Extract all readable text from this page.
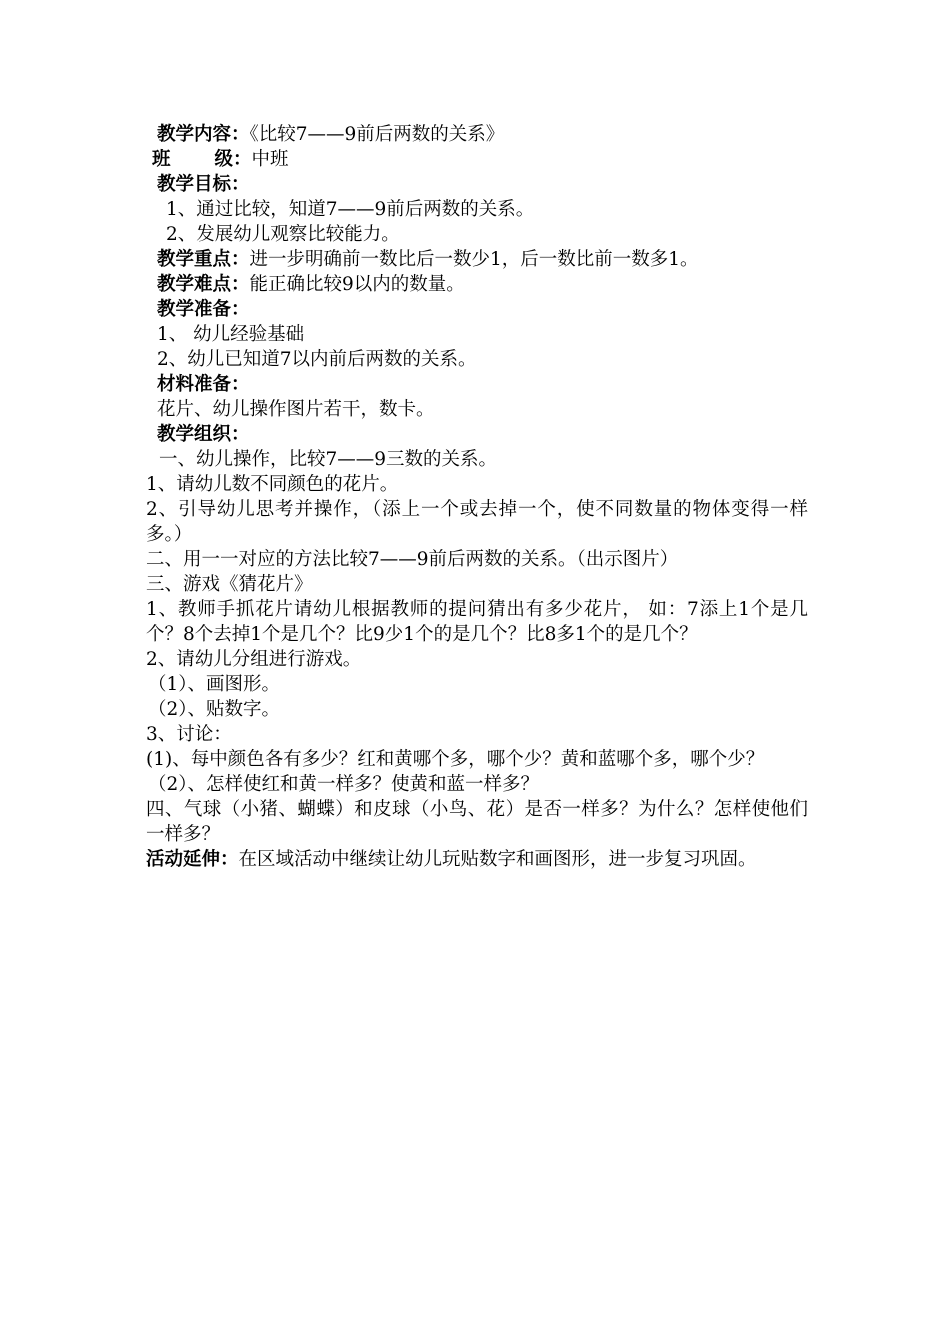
教学内容：《比较7——9前后两数的关系》
班 级：中班
教学目标：
1、通过比较，知道7——9前后两数的关系。
2、发展幼儿观察比较能力。
教学重点：进一步明确前一数比后一数少1，后一数比前一数多1。
教学难点：能正确比较9以内的数量。
教学准备：
1、 幼儿经验基础
2、幼儿已知道7以内前后两数的关系。
材料准备：
花片、幼儿操作图片若干，数卡。
教学组织：
一、幼儿操作，比较7——9三数的关系。
1、请幼儿数不同颜色的花片。
2、引导幼儿思考并操作，（添上一个或去掉一个，使不同数量的物体变得一样多。）
二、用一一对应的方法比较7——9前后两数的关系。（出示图片）
三、游戏《猜花片》
1、教师手抓花片请幼儿根据教师的提问猜出有多少花片， 如：7添上1个是几个？8个去掉1个是几个？比9少1个的是几个？比8多1个的是几个？
2、请幼儿分组进行游戏。
（1）、画图形。
（2）、贴数字。
3、讨论：
(1)、每中颜色各有多少？红和黄哪个多，哪个少？黄和蓝哪个多，哪个少？
（2）、怎样使红和黄一样多？使黄和蓝一样多？
四、气球（小猪、蝴蝶）和皮球（小鸟、花）是否一样多？为什么？怎样使他们一样多？
活动延伸：在区域活动中继续让幼儿玩贴数字和画图形，进一步复习巩固。
